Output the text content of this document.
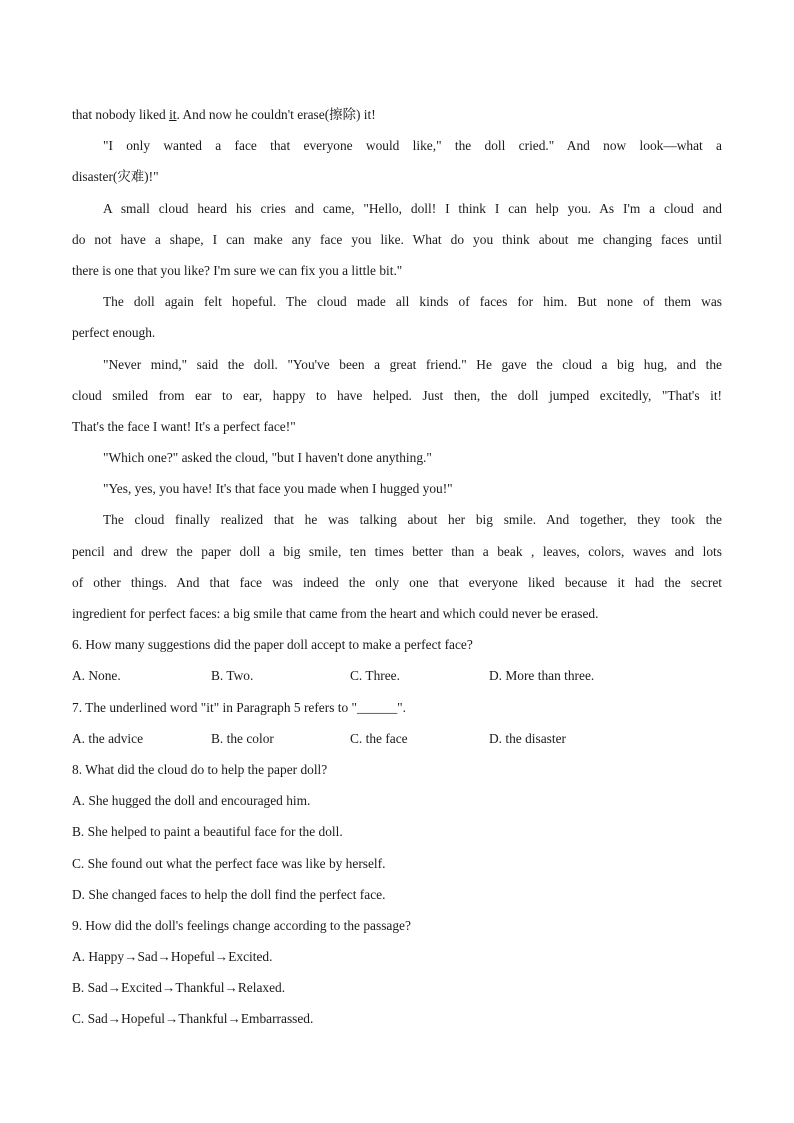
that nobody liked it. And now he couldn't erase(擦除) it!
"I only wanted a face that everyone would like," the doll cried." And now look—what a
disaster(灾难)!"
A small cloud heard his cries and came, "Hello, doll! I think I can help you. As I'm a cloud and
do not have a shape, I can make any face you like. What do you think about me changing faces until
there is one that you like? I'm sure we can fix you a little bit."
The doll again felt hopeful. The cloud made all kinds of faces for him. But none of them was
perfect enough.
"Never mind," said the doll. "You've been a great friend." He gave the cloud a big hug, and the
cloud smiled from ear to ear, happy to have helped. Just then, the doll jumped excitedly, "That's it!
That's the face I want! It's a perfect face!"
"Which one?" asked the cloud, "but I haven't done anything."
"Yes, yes, you have! It's that face you made when I hugged you!"
The cloud finally realized that he was talking about her big smile. And together, they took the
pencil and drew the paper doll a big smile, ten times better than a beak , leaves, colors, waves and lots
of other things. And that face was indeed the only one that everyone liked because it had the secret
ingredient for perfect faces: a big smile that came from the heart and which could never be erased.
6. How many suggestions did the paper doll accept to make a perfect face?
A. None.	B. Two.	C. Three.	D. More than three.
7. The underlined word "it" in Paragraph 5 refers to "______".
A. the advice	B. the color	C. the face	D. the disaster
8. What did the cloud do to help the paper doll?
A. She hugged the doll and encouraged him.
B. She helped to paint a beautiful face for the doll.
C. She found out what the perfect face was like by herself.
D. She changed faces to help the doll find the perfect face.
9. How did the doll's feelings change according to the passage?
A. Happy→Sad→Hopeful→Excited.
B. Sad→Excited→Thankful→Relaxed.
C. Sad→Hopeful→Thankful→Embarrassed.
